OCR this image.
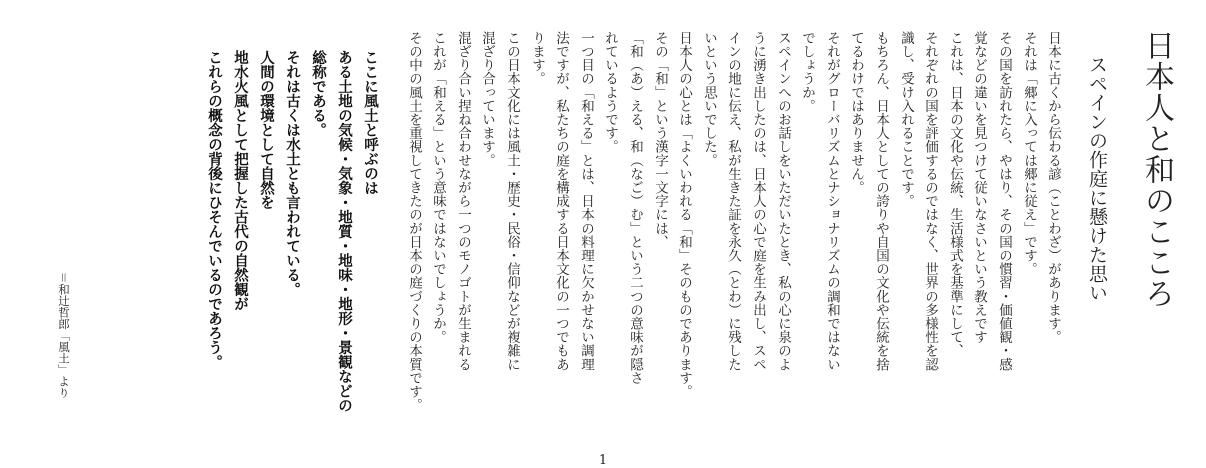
日本人と和のこころ
スペインの作庭に懸けた思い
日本に古くから伝わる諺（ことわざ）があります。
それは「郷に入っては郷に従え」です。
その国を訪れたら、やはり、その国の慣習・価値観・感
覚などの違いを見つけて従いなさいという教えです
これは、日本の文化や伝統、生活様式を基準にして、
それぞれの国を評価するのではなく、世界の多様性を認
識し、受け入れることです。
もちろん、日本人としての誇りや自国の文化や伝統を捨
てるわけではありません。
それがグローバリズムとナショナリズムの調和ではない
でしょうか。
スペインへのお話しをいただいたとき、私の心に泉のよ
うに湧き出したのは、日本人の心で庭を生み出し、スペ
インの地に伝え、私が生きた証を永久（とわ）に残した
いという思いでした。
日本人の心とは「よくいわれる「和」そのものであります。
その「和」という漢字一文字には、
「和（あ）える、和（なご）む」という二つの意味が隠さ
れているようです。
一つ目の「和える」とは、日本の料理に欠かせない調理
法ですが、私たちの庭を構成する日本文化の一つでもあ
ります。
この日本文化には風土・歴史・民俗・信仰などが複雑に
混ざり合っています。
混ざり合い捏ね合わせながら一つのモノゴトが生まれる
これが「和える」という意味ではないでしょうか。
その中の風土を重視してきたのが日本の庭づくりの本質です。
ここに風土と呼ぶのは
ある土地の気候・気象・地質・地味・地形・景観などの
総称である。
それは古くは水土とも言われている。
人間の環境として自然を
地水火風として把握した古代の自然観が
これらの概念の背後にひそんでいるのであろう。
＝和辻哲郎「風土」より
1
